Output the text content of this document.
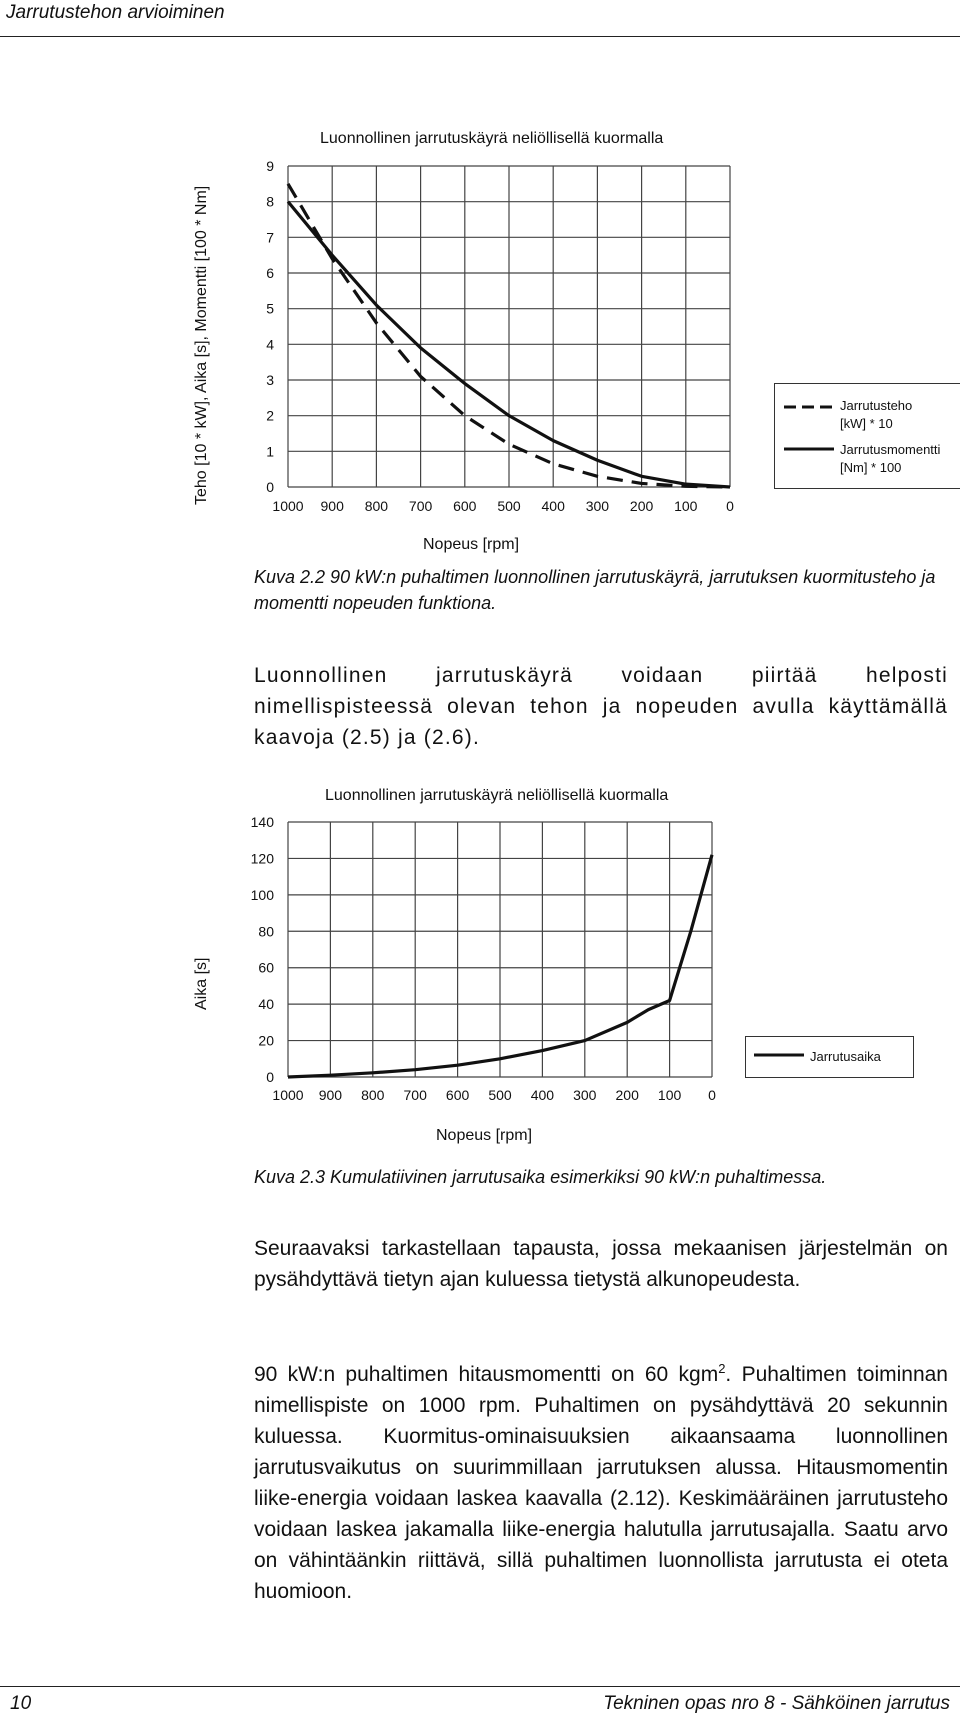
Jarrutustehon arvioiminen
Luonnollinen jarrutuskäyrä neliöllisellä kuormalla
Teho [10 * kW], Aika [s], Momentti [100 * Nm]	0
1
2
3
4
5
6
7
8
9
1000 900 800 700 600 500 400 300 200 100 0
Nopeus [rpm]
Jarrutusteho
[kW] * 10
Jarrutusmomentti
[Nm] * 100
Kuva 2.2 90 kW:n puhaltimen luonnollinen jarrutuskäyrä, jarrutuksen kuormitusteho ja momentti nopeuden funktiona.
Luonnollinen jarrutuskäyrä voidaan piirtää helposti nimellispisteessä olevan tehon ja nopeuden avulla käyttämällä kaavoja (2.5) ja (2.6).
Luonnollinen jarrutuskäyrä neliöllisellä kuormalla
Aika [s]
0
20
40
60
80
100
120
140
1000 900 800 700 600 500 400 300 200 100 0
Nopeus [rpm]
Jarrutusaika
Kuva 2.3 Kumulatiivinen jarrutusaika esimerkiksi 90 kW:n puhaltimessa.
Seuraavaksi tarkastellaan tapausta, jossa mekaanisen järjestelmän on pysähdyttävä tietyn ajan kuluessa tietystä alkunopeudesta.
90 kW:n puhaltimen hitausmomentti on 60 kgm$^2$. Puhaltimen toiminnan nimellispiste on 1000 rpm. Puhaltimen on pysähdyttävä 20 sekunnin kuluessa. Kuormitus-ominaisuuksien aikaansaama luonnollinen jarrutusvaikutus on suurimmillaan jarrutuksen alussa. Hitausmomentin liike-energia voidaan laskea kaavalla (2.12). Keskimääräinen jarrutusteho voidaan laskea jakamalla liike-energia halutulla jarrutusajalla. Saatu arvo on vähintäänkin riittävä, sillä puhaltimen luonnollista jarrutusta ei oteta huomioon.
10	Tekninen opas nro 8 - Sähköinen jarrutus
